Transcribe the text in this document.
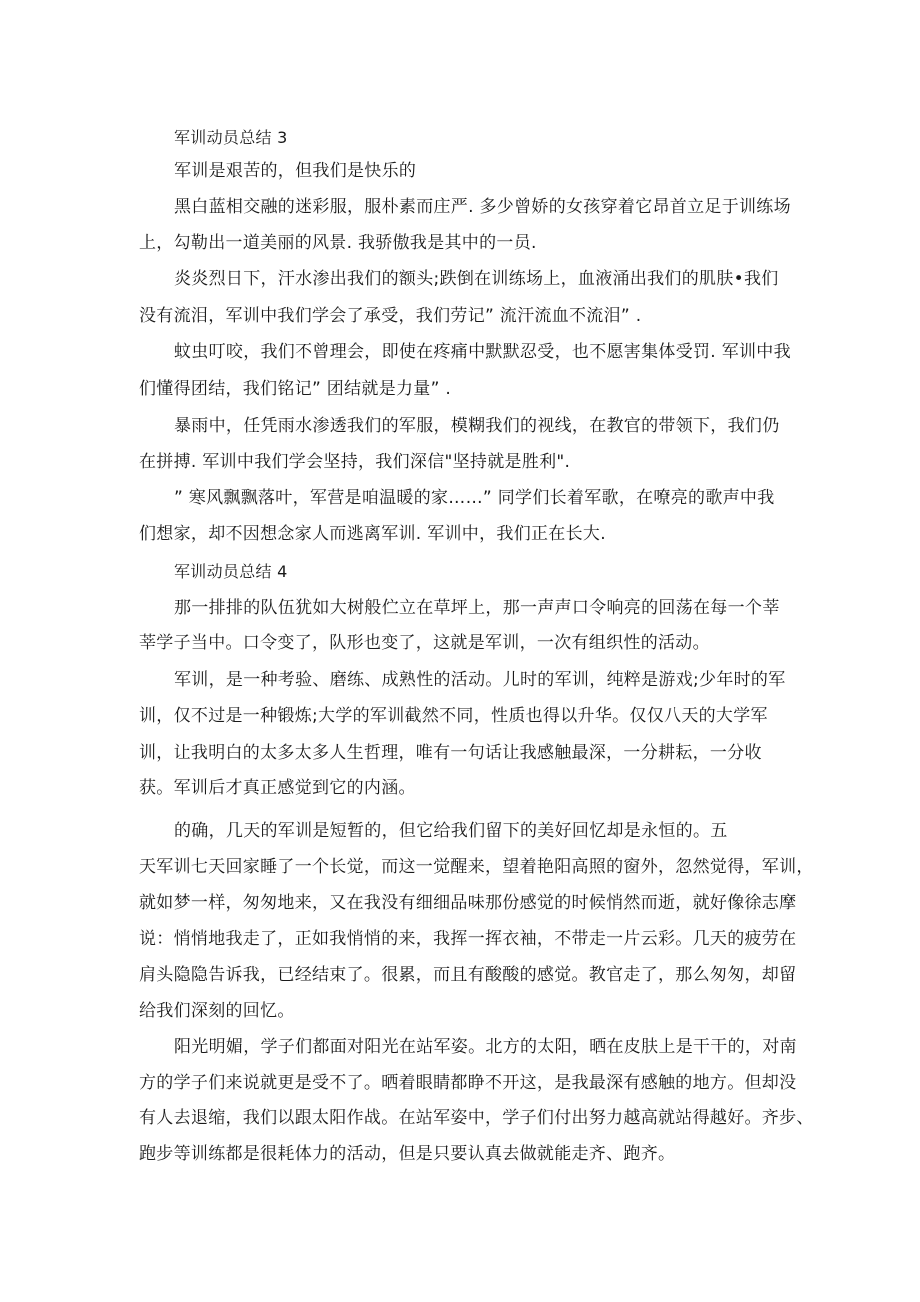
军训动员总结 3
军训是艰苦的，但我们是快乐的
黑白蓝相交融的迷彩服，服朴素而庄严. 多少曾娇的女孩穿着它昂首立足于训练场
上，勾勒出一道美丽的风景. 我骄傲我是其中的一员.
炎炎烈日下，汗水渗出我们的额头;跌倒在训练场上，血液涌出我们的肌肤•我们
没有流泪，军训中我们学会了承受，我们劳记” 流汗流血不流泪” .
蚊虫叮咬，我们不曾理会，即使在疼痛中默默忍受，也不愿害集体受罚. 军训中我
们懂得团结，我们铭记” 团结就是力量” .
暴雨中，任凭雨水渗透我们的军服，模糊我们的视线，在教官的带领下，我们仍
在拼搏. 军训中我们学会坚持，我们深信"坚持就是胜利".
” 寒风飘飘落叶，军营是咱温暖的家……” 同学们长着军歌，在嘹亮的歌声中我
们想家，却不因想念家人而逃离军训. 军训中，我们正在长大.
军训动员总结 4
那一排排的队伍犹如大树般伫立在草坪上，那一声声口令响亮的回荡在每一个莘
莘学子当中。口令变了，队形也变了，这就是军训，一次有组织性的活动。
军训，是一种考验、磨练、成熟性的活动。儿时的军训，纯粹是游戏;少年时的军
训，仅不过是一种锻炼;大学的军训截然不同，性质也得以升华。仅仅八天的大学军
训，让我明白的太多太多人生哲理，唯有一句话让我感触最深，一分耕耘，一分收
获。军训后才真正感觉到它的内涵。
的确，几天的军训是短暂的，但它给我们留下的美好回忆却是永恒的。五
天军训七天回家睡了一个长觉，而这一觉醒来，望着艳阳高照的窗外，忽然觉得，军训，
就如梦一样，匆匆地来，又在我没有细细品味那份感觉的时候悄然而逝，就好像徐志摩
说：悄悄地我走了，正如我悄悄的来，我挥一挥衣袖，不带走一片云彩。几天的疲劳在
肩头隐隐告诉我，已经结束了。很累，而且有酸酸的感觉。教官走了，那么匆匆，却留
给我们深刻的回忆。
阳光明媚，学子们都面对阳光在站军姿。北方的太阳，晒在皮肤上是干干的，对南
方的学子们来说就更是受不了。晒着眼睛都睁不开这，是我最深有感触的地方。但却没
有人去退缩，我们以跟太阳作战。在站军姿中，学子们付出努力越高就站得越好。齐步、
跑步等训练都是很耗体力的活动，但是只要认真去做就能走齐、跑齐。
